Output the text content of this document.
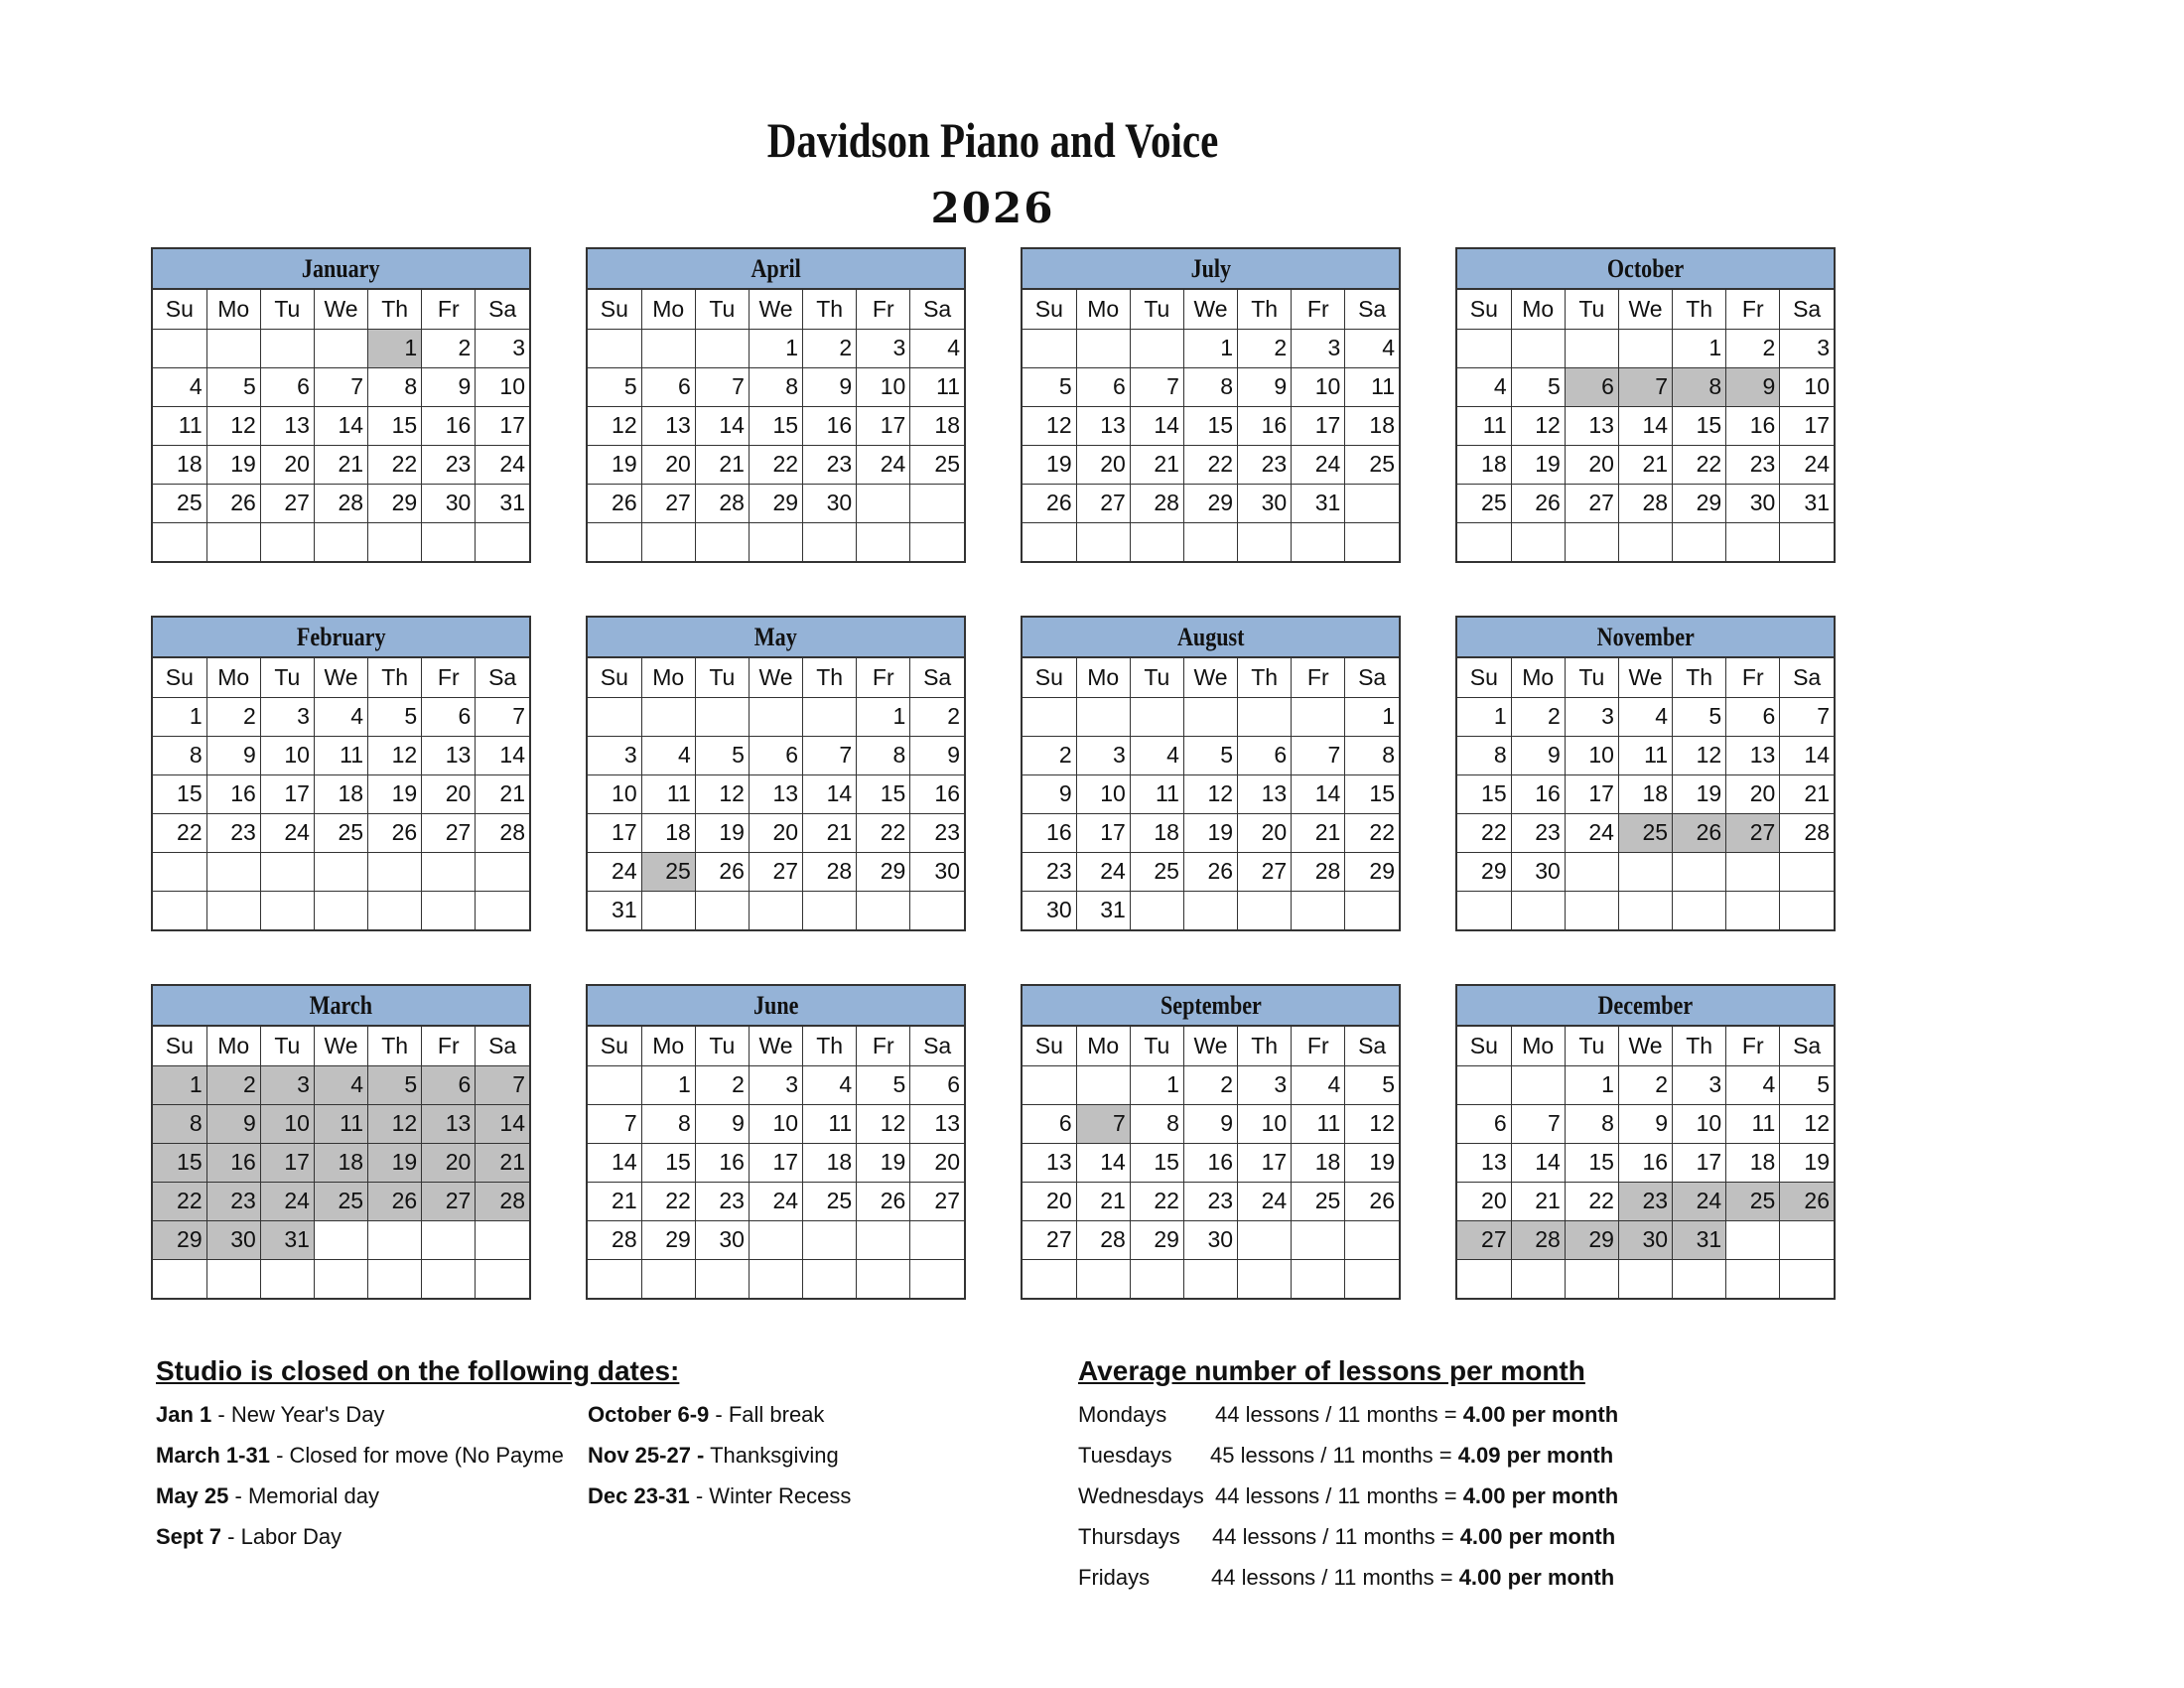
Davidson Piano and Voice
2026
January
Su	Mo	Tu	We	Th	Fr	Sa
				1	2	3
4	5	6	7	8	9	10
11	12	13	14	15	16	17
18	19	20	21	22	23	24
25	26	27	28	29	30	31

February
Su	Mo	Tu	We	Th	Fr	Sa
1	2	3	4	5	6	7
8	9	10	11	12	13	14
15	16	17	18	19	20	21
22	23	24	25	26	27	28

March
Su	Mo	Tu	We	Th	Fr	Sa
1	2	3	4	5	6	7
8	9	10	11	12	13	14
15	16	17	18	19	20	21
22	23	24	25	26	27	28
29	30	31				

April
Su	Mo	Tu	We	Th	Fr	Sa
			1	2	3	4
5	6	7	8	9	10	11
12	13	14	15	16	17	18
19	20	21	22	23	24	25
26	27	28	29	30		

May
Su	Mo	Tu	We	Th	Fr	Sa
					1	2
3	4	5	6	7	8	9
10	11	12	13	14	15	16
17	18	19	20	21	22	23
24	25	26	27	28	29	30
31						
June
Su	Mo	Tu	We	Th	Fr	Sa
	1	2	3	4	5	6
7	8	9	10	11	12	13
14	15	16	17	18	19	20
21	22	23	24	25	26	27
28	29	30				

July
Su	Mo	Tu	We	Th	Fr	Sa
			1	2	3	4
5	6	7	8	9	10	11
12	13	14	15	16	17	18
19	20	21	22	23	24	25
26	27	28	29	30	31	

August
Su	Mo	Tu	We	Th	Fr	Sa
						1
2	3	4	5	6	7	8
9	10	11	12	13	14	15
16	17	18	19	20	21	22
23	24	25	26	27	28	29
30	31					
September
Su	Mo	Tu	We	Th	Fr	Sa
		1	2	3	4	5
6	7	8	9	10	11	12
13	14	15	16	17	18	19
20	21	22	23	24	25	26
27	28	29	30			

October
Su	Mo	Tu	We	Th	Fr	Sa
				1	2	3
4	5	6	7	8	9	10
11	12	13	14	15	16	17
18	19	20	21	22	23	24
25	26	27	28	29	30	31

November
Su	Mo	Tu	We	Th	Fr	Sa
1	2	3	4	5	6	7
8	9	10	11	12	13	14
15	16	17	18	19	20	21
22	23	24	25	26	27	28
29	30					

December
Su	Mo	Tu	We	Th	Fr	Sa
		1	2	3	4	5
6	7	8	9	10	11	12
13	14	15	16	17	18	19
20	21	22	23	24	25	26
27	28	29	30	31		

Studio is closed on the following dates:
Jan 1 - New Year's Day
March 1-31 - Closed for move (No Payme
May 25 - Memorial day
Sept 7 - Labor Day
October 6-9 - Fall break
Nov 25-27 - Thanksgiving
Dec 23-31 - Winter Recess
Average number of lessons per month
Mondays 44 lessons / 11 months = 4.00 per month
Tuesdays 45 lessons / 11 months = 4.09 per month
Wednesdays 44 lessons / 11 months = 4.00 per month
Thursdays 44 lessons / 11 months = 4.00 per month
Fridays	44 lessons / 11 months = 4.00 per month
